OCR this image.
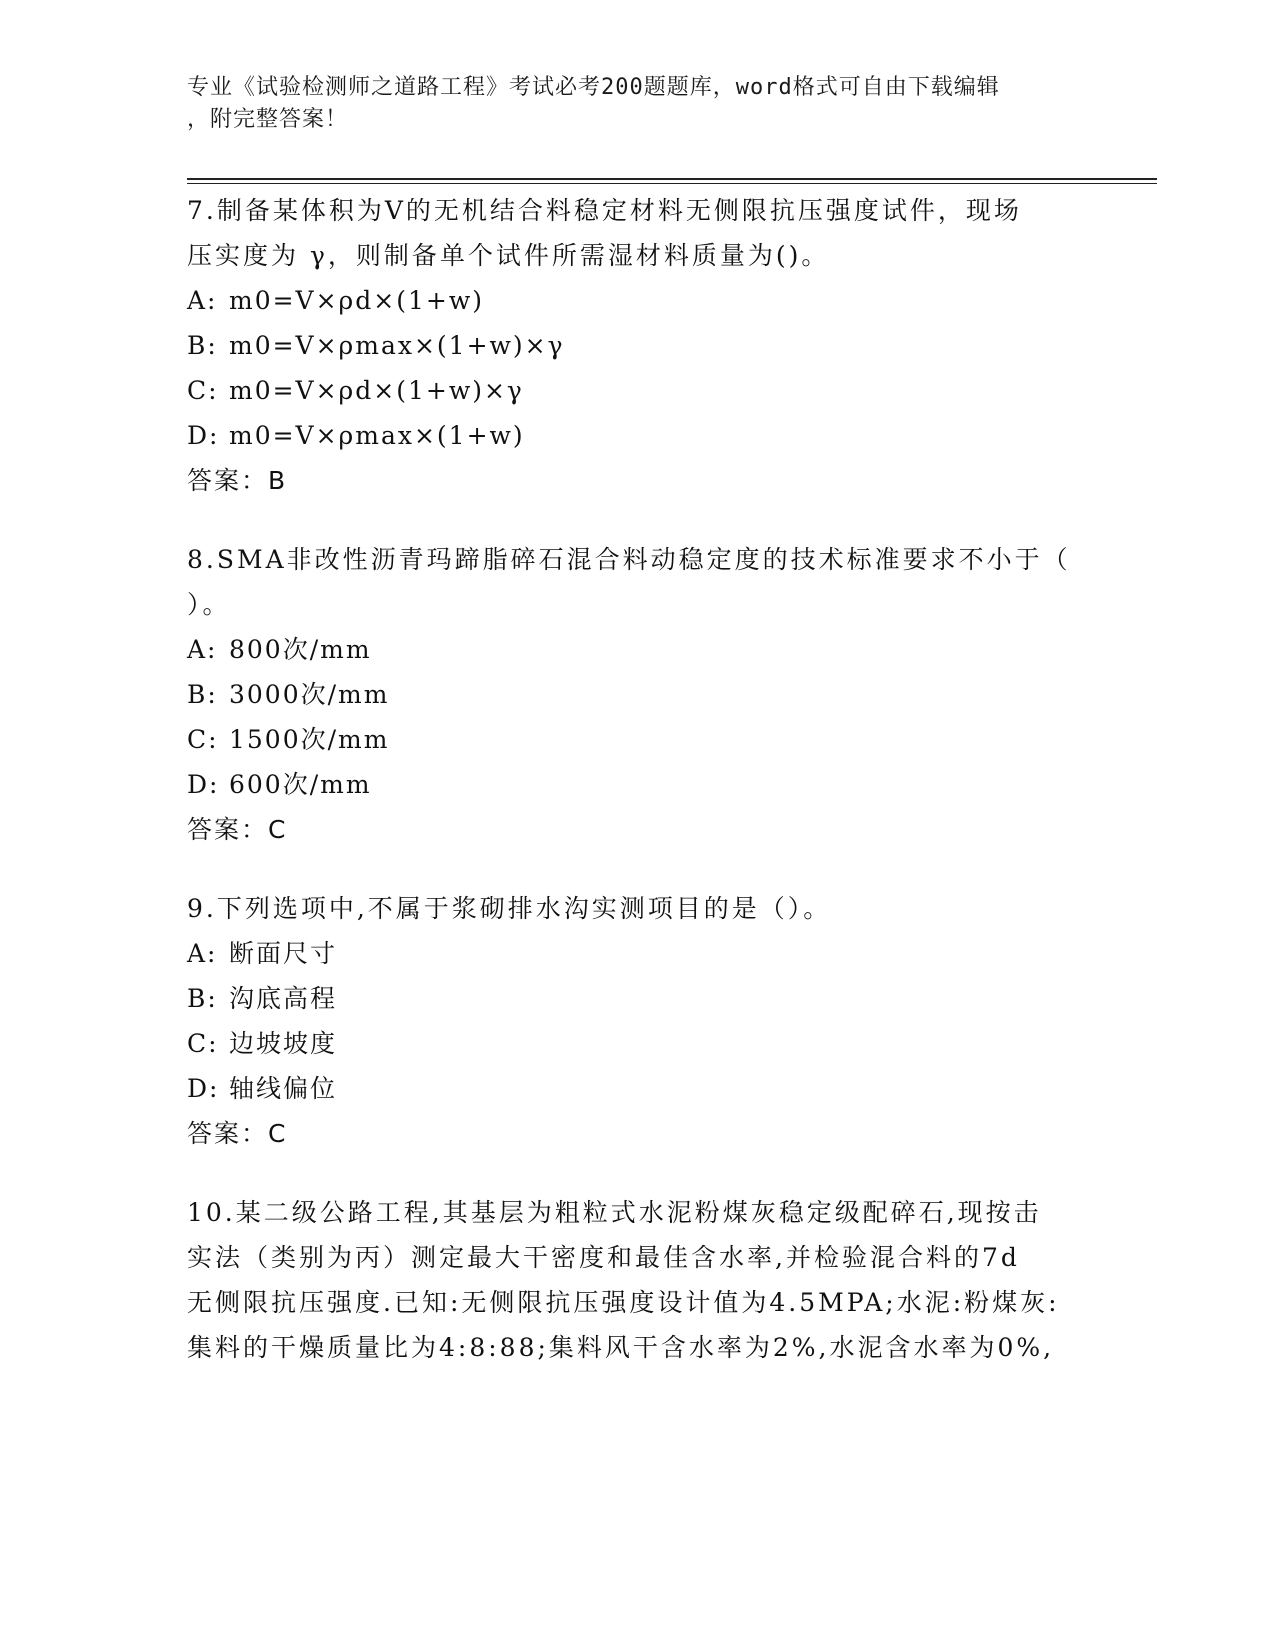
专业《试验检测师之道路工程》考试必考200题题库，word格式可自由下载编辑
，附完整答案！
7.制备某体积为V的无机结合料稳定材料无侧限抗压强度试件，现场
压实度为 γ，则制备单个试件所需湿材料质量为()。
A: m0=V×ρd×(1+w)
B: m0=V×ρmax×(1+w)×γ
C: m0=V×ρd×(1+w)×γ
D: m0=V×ρmax×(1+w)
答案：B
8.SMA非改性沥青玛蹄脂碎石混合料动稳定度的技术标准要求不小于（
）。
A: 800次/mm
B: 3000次/mm
C: 1500次/mm
D: 600次/mm
答案：C
9.下列选项中,不属于浆砌排水沟实测项目的是（）。
A: 断面尺寸
B: 沟底高程
C: 边坡坡度
D: 轴线偏位
答案：C
10.某二级公路工程,其基层为粗粒式水泥粉煤灰稳定级配碎石,现按击
实法（类别为丙）测定最大干密度和最佳含水率,并检验混合料的7d
无侧限抗压强度.已知:无侧限抗压强度设计值为4.5MPA;水泥:粉煤灰:
集料的干燥质量比为4:8:88;集料风干含水率为2%,水泥含水率为0%,
